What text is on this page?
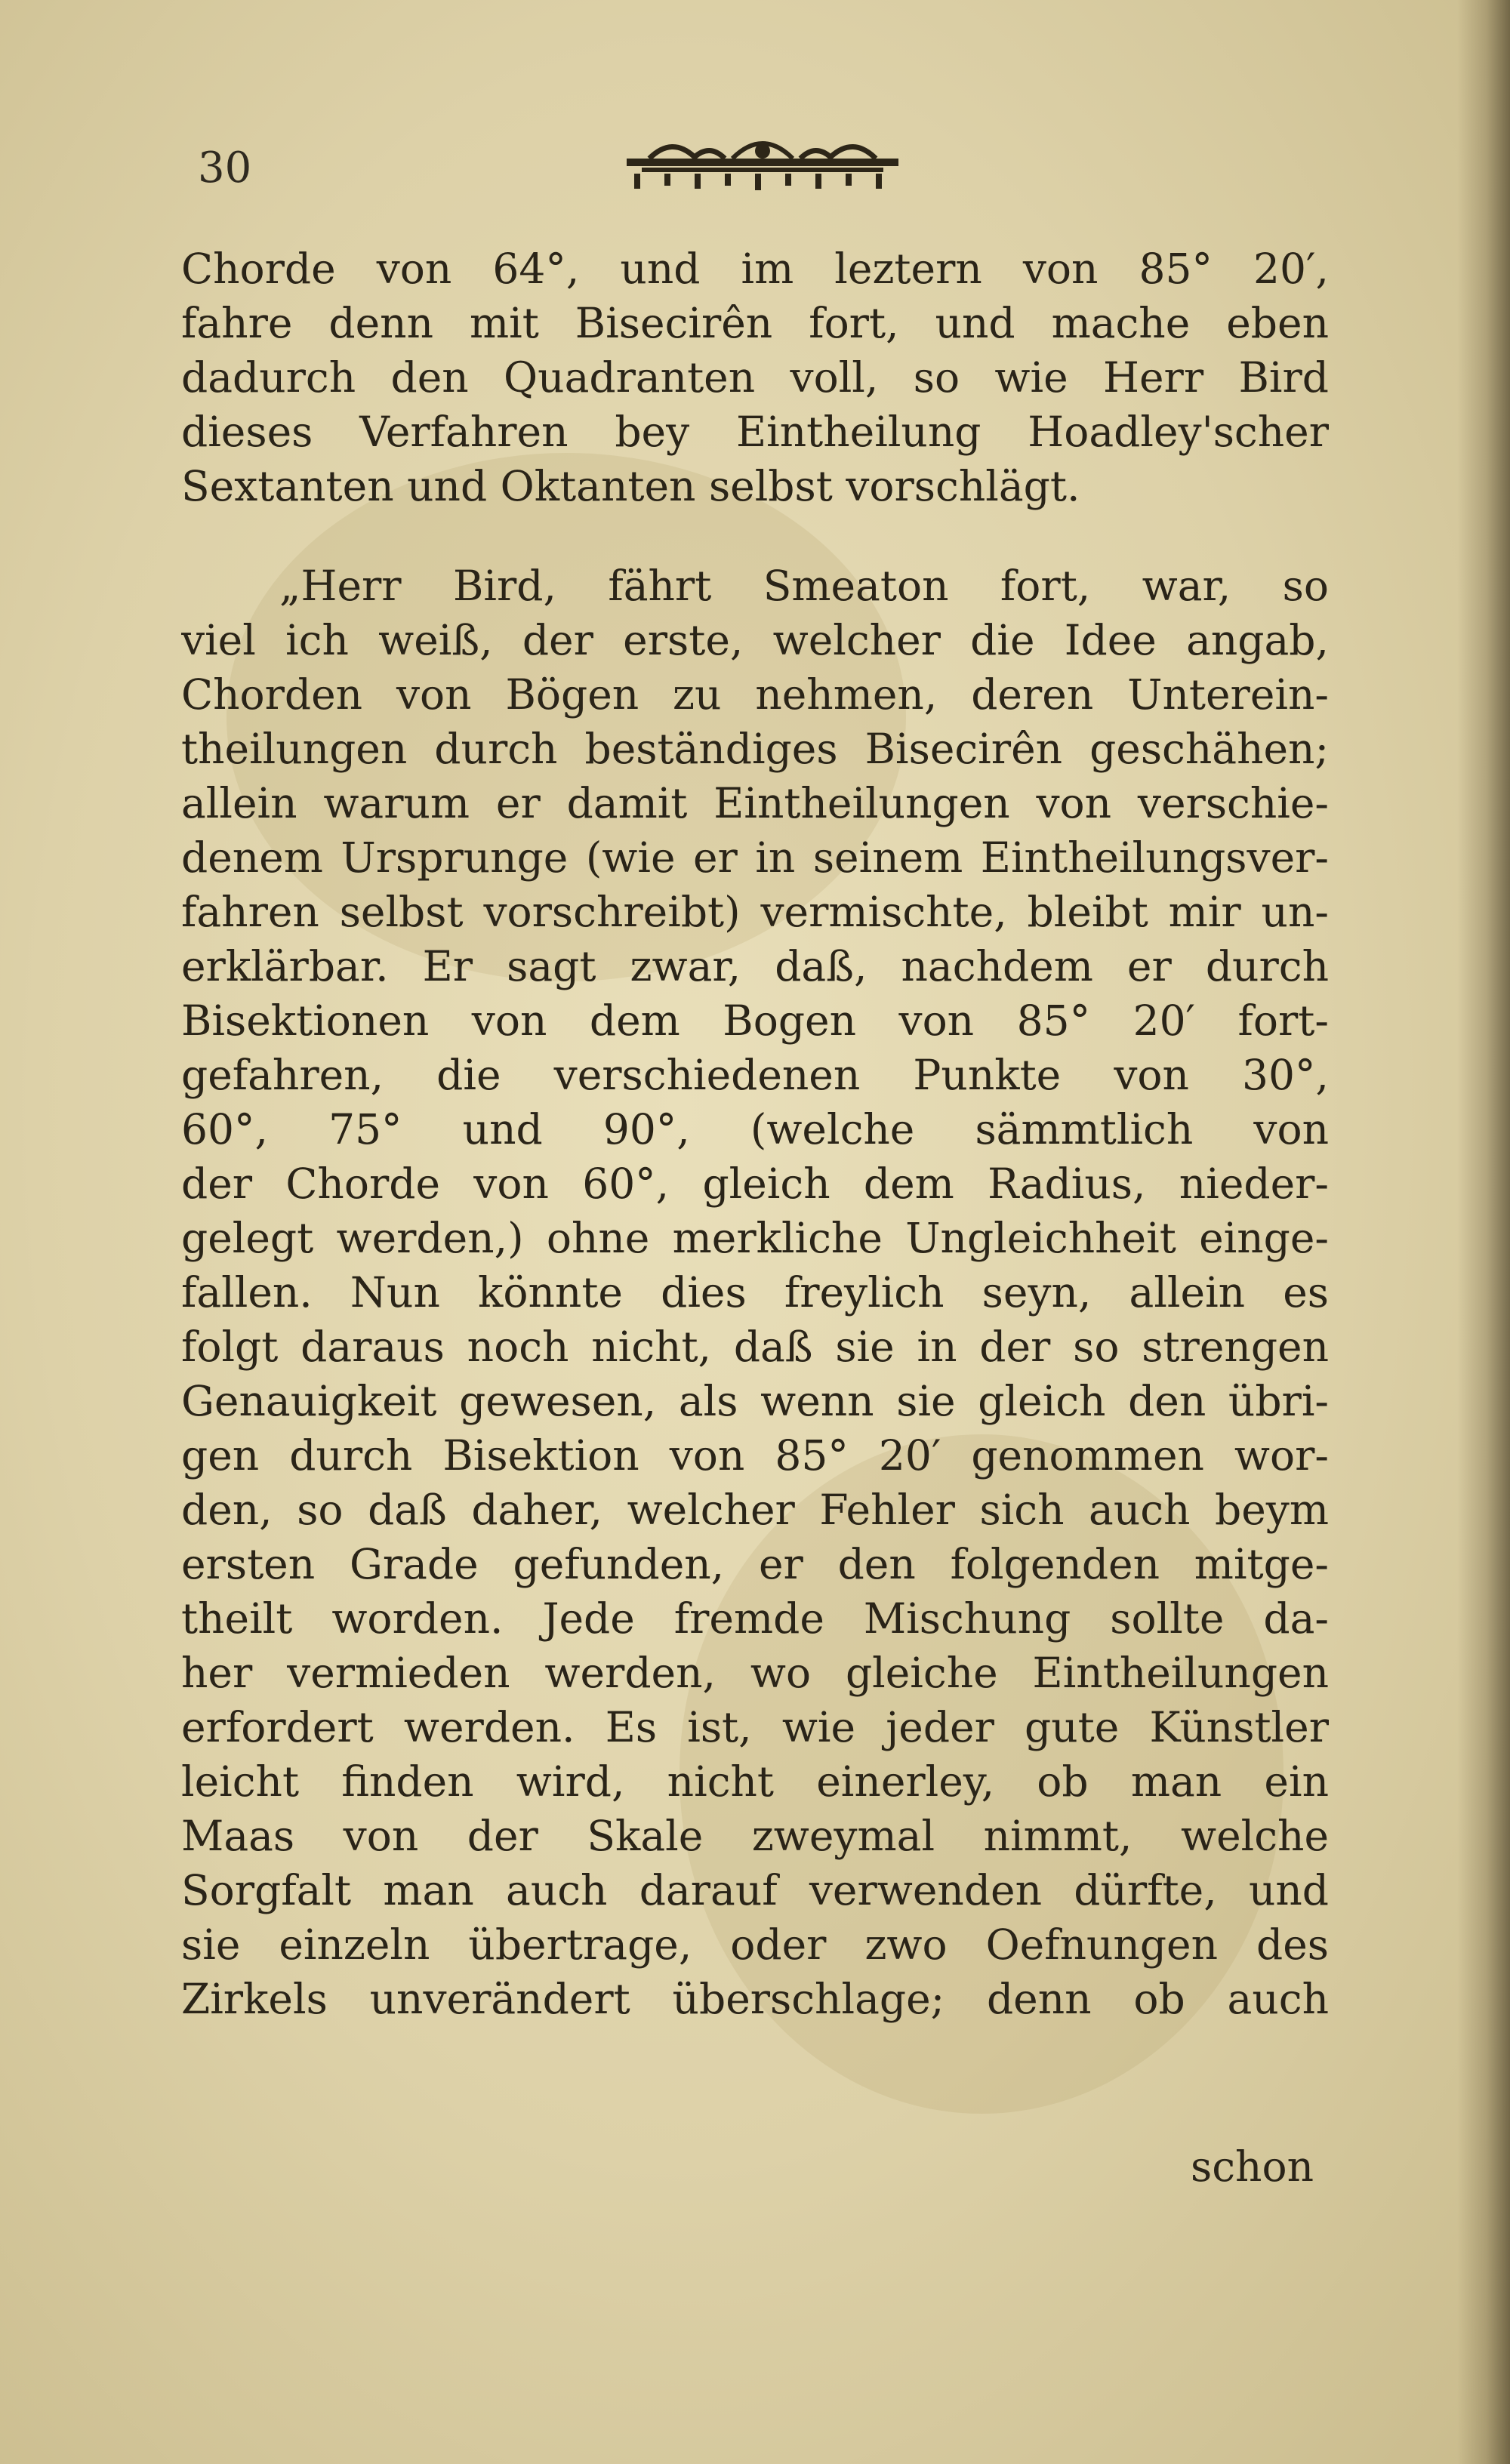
30
Chorde von 64°, und im leztern von 85° 20′,
fahre denn mit Bisecirên fort, und mache eben
dadurch den Quadranten voll, so wie Herr Bird
dieses Verfahren bey Eintheilung Hoadley'scher
Sextanten und Oktanten selbst vorschlägt.
„Herr Bird, fährt Smeaton fort, war, so
viel ich weiß, der erste, welcher die Idee angab,
Chorden von Bögen zu nehmen, deren Unterein-
theilungen durch beständiges Bisecirên geschähen;
allein warum er damit Eintheilungen von verschie-
denem Ursprunge (wie er in seinem Eintheilungsver-
fahren selbst vorschreibt) vermischte, bleibt mir un-
erklärbar. Er sagt zwar, daß, nachdem er durch
Bisektionen von dem Bogen von 85° 20′ fort-
gefahren, die verschiedenen Punkte von 30°,
60°, 75° und 90°, (welche sämmtlich von
der Chorde von 60°, gleich dem Radius, nieder-
gelegt werden,) ohne merkliche Ungleichheit einge-
fallen. Nun könnte dies freylich seyn, allein es
folgt daraus noch nicht, daß sie in der so strengen
Genauigkeit gewesen, als wenn sie gleich den übri-
gen durch Bisektion von 85° 20′ genommen wor-
den, so daß daher, welcher Fehler sich auch beym
ersten Grade gefunden, er den folgenden mitge-
theilt worden. Jede fremde Mischung sollte da-
her vermieden werden, wo gleiche Eintheilungen
erfordert werden. Es ist, wie jeder gute Künstler
leicht finden wird, nicht einerley, ob man ein
Maas von der Skale zweymal nimmt, welche
Sorgfalt man auch darauf verwenden dürfte, und
sie einzeln übertrage, oder zwo Oefnungen des
Zirkels unverändert überschlage; denn ob auch
schon
